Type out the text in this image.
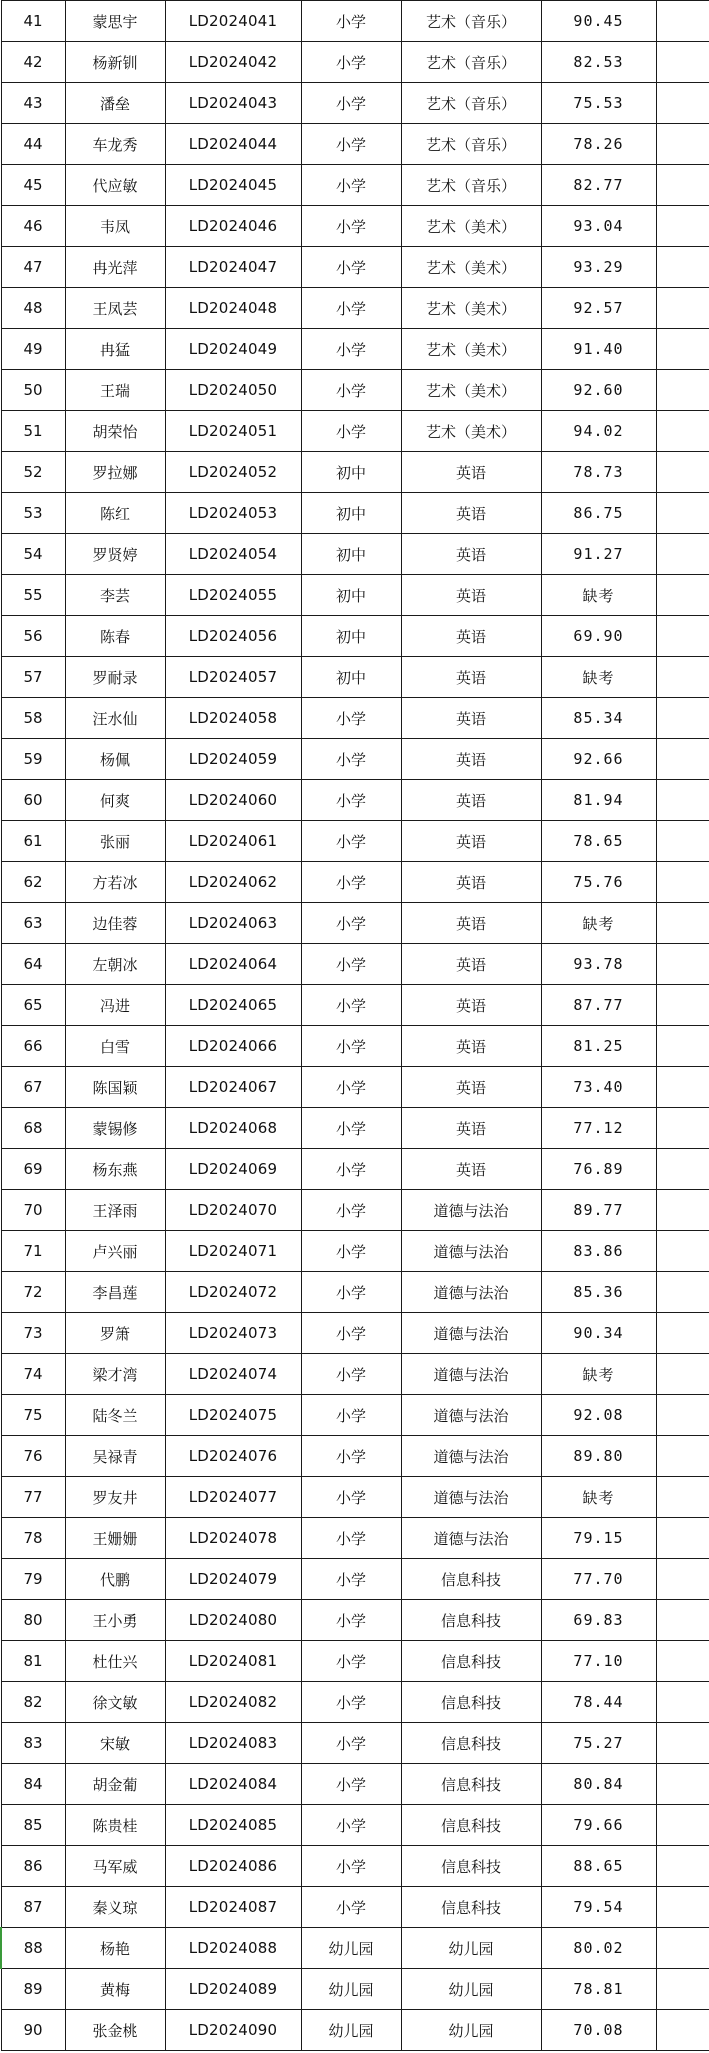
41	蒙思宇	LD2024041	小学	艺术（音乐）	90.45	
42	杨新钏	LD2024042	小学	艺术（音乐）	82.53	
43	潘垒	LD2024043	小学	艺术（音乐）	75.53	
44	车龙秀	LD2024044	小学	艺术（音乐）	78.26	
45	代应敏	LD2024045	小学	艺术（音乐）	82.77	
46	韦凤	LD2024046	小学	艺术（美术）	93.04	
47	冉光萍	LD2024047	小学	艺术（美术）	93.29	
48	王凤芸	LD2024048	小学	艺术（美术）	92.57	
49	冉猛	LD2024049	小学	艺术（美术）	91.40	
50	王瑞	LD2024050	小学	艺术（美术）	92.60	
51	胡荣怡	LD2024051	小学	艺术（美术）	94.02	
52	罗拉娜	LD2024052	初中	英语	78.73	
53	陈红	LD2024053	初中	英语	86.75	
54	罗贤婷	LD2024054	初中	英语	91.27	
55	李芸	LD2024055	初中	英语	缺考	
56	陈春	LD2024056	初中	英语	69.90	
57	罗耐录	LD2024057	初中	英语	缺考	
58	汪水仙	LD2024058	小学	英语	85.34	
59	杨佩	LD2024059	小学	英语	92.66	
60	何爽	LD2024060	小学	英语	81.94	
61	张丽	LD2024061	小学	英语	78.65	
62	方若冰	LD2024062	小学	英语	75.76	
63	边佳蓉	LD2024063	小学	英语	缺考	
64	左朝冰	LD2024064	小学	英语	93.78	
65	冯进	LD2024065	小学	英语	87.77	
66	白雪	LD2024066	小学	英语	81.25	
67	陈国颖	LD2024067	小学	英语	73.40	
68	蒙锡修	LD2024068	小学	英语	77.12	
69	杨东燕	LD2024069	小学	英语	76.89	
70	王泽雨	LD2024070	小学	道德与法治	89.77	
71	卢兴丽	LD2024071	小学	道德与法治	83.86	
72	李昌莲	LD2024072	小学	道德与法治	85.36	
73	罗箫	LD2024073	小学	道德与法治	90.34	
74	梁才湾	LD2024074	小学	道德与法治	缺考	
75	陆冬兰	LD2024075	小学	道德与法治	92.08	
76	吴禄青	LD2024076	小学	道德与法治	89.80	
77	罗友井	LD2024077	小学	道德与法治	缺考	
78	王姗姗	LD2024078	小学	道德与法治	79.15	
79	代鹏	LD2024079	小学	信息科技	77.70	
80	王小勇	LD2024080	小学	信息科技	69.83	
81	杜仕兴	LD2024081	小学	信息科技	77.10	
82	徐文敏	LD2024082	小学	信息科技	78.44	
83	宋敏	LD2024083	小学	信息科技	75.27	
84	胡金葡	LD2024084	小学	信息科技	80.84	
85	陈贵桂	LD2024085	小学	信息科技	79.66	
86	马军威	LD2024086	小学	信息科技	88.65	
87	秦义琼	LD2024087	小学	信息科技	79.54	
88	杨艳	LD2024088	幼儿园	幼儿园	80.02	
89	黄梅	LD2024089	幼儿园	幼儿园	78.81	
90	张金桃	LD2024090	幼儿园	幼儿园	70.08	
